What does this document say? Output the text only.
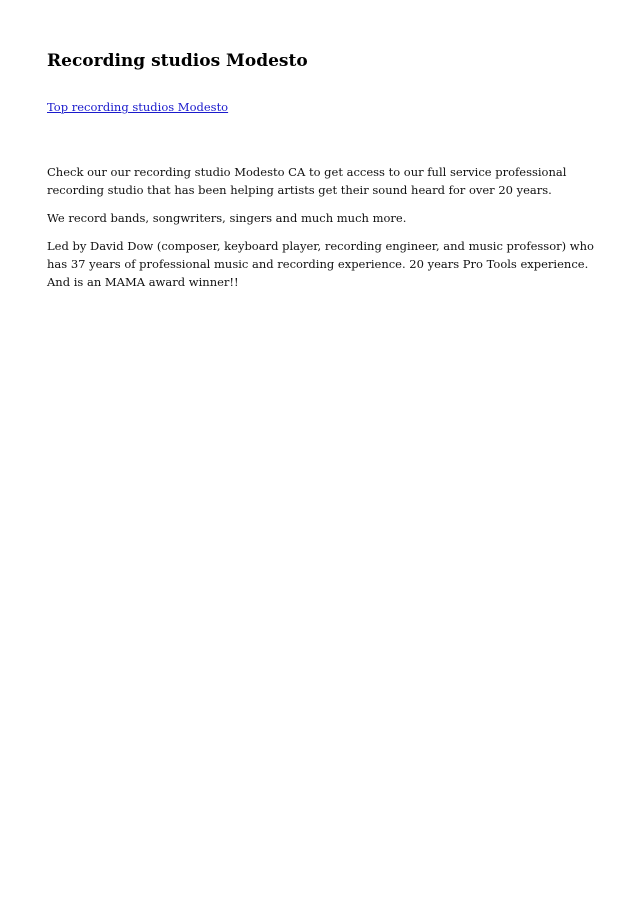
Recording studios Modesto
Top recording studios Modesto

Check our our recording studio Modesto CA to get access to our full service professional recording studio that has been helping artists get their sound heard for over 20 years.

We record bands, songwriters, singers and much much more.

Led by David Dow (composer, keyboard player, recording engineer, and music professor) who has 37 years of professional music and recording experience. 20 years Pro Tools experience. And is an MAMA award winner!!
